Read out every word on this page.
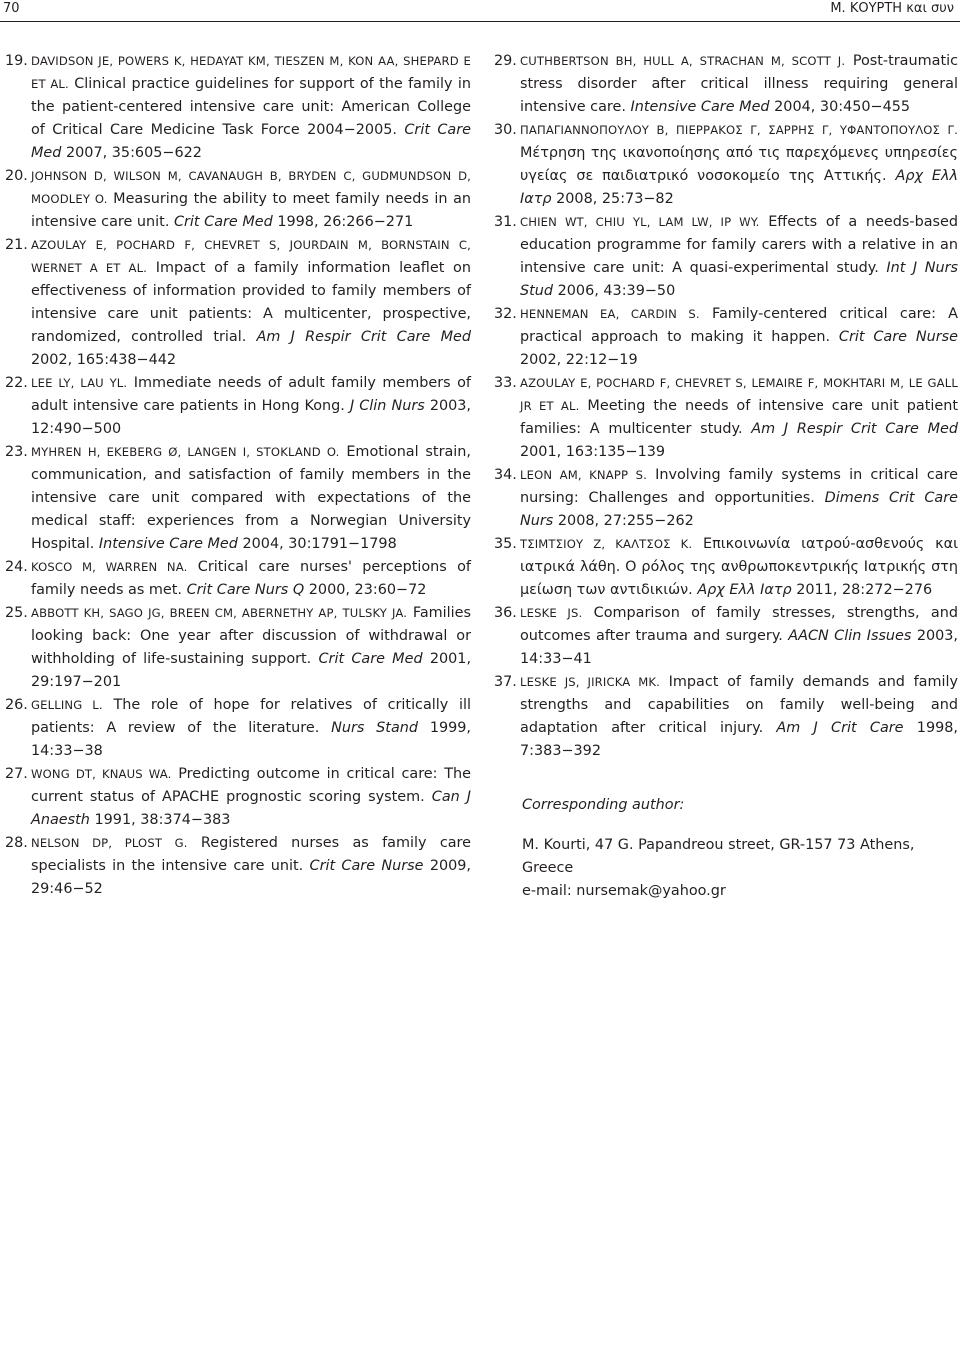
70	Μ. ΚΟΥΡΤΗ και συν
19. DAVIDSON JE, POWERS K, HEDAYAT KM, TIESZEN M, KON AA, SHEPARD E ET AL. Clinical practice guidelines for support of the family in the patient-centered intensive care unit: American College of Critical Care Medicine Task Force 2004−2005. Crit Care Med 2007, 35:605−622
20. JOHNSON D, WILSON M, CAVANAUGH B, BRYDEN C, GUDMUNDSON D, MOODLEY O. Measuring the ability to meet family needs in an intensive care unit. Crit Care Med 1998, 26:266−271
21. AZOULAY E, POCHARD F, CHEVRET S, JOURDAIN M, BORNSTAIN C, WERNET A ET AL. Impact of a family information leaflet on effectiveness of information provided to family members of intensive care unit patients: A multicenter, prospective, randomized, controlled trial. Am J Respir Crit Care Med 2002, 165:438−442
22. LEE LY, LAU YL. Immediate needs of adult family members of adult intensive care patients in Hong Kong. J Clin Nurs 2003, 12:490−500
23. MYHREN H, EKEBERG Ø, LANGEN I, STOKLAND O. Emotional strain, communication, and satisfaction of family members in the intensive care unit compared with expectations of the medical staff: experiences from a Norwegian University Hospital. Intensive Care Med 2004, 30:1791−1798
24. KOSCO M, WARREN NA. Critical care nurses' perceptions of family needs as met. Crit Care Nurs Q 2000, 23:60−72
25. ABBOTT KH, SAGO JG, BREEN CM, ABERNETHY AP, TULSKY JA. Families looking back: One year after discussion of withdrawal or withholding of life-sustaining support. Crit Care Med 2001, 29:197−201
26. GELLING L. The role of hope for relatives of critically ill patients: A review of the literature. Nurs Stand 1999, 14:33−38
27. WONG DT, KNAUS WA. Predicting outcome in critical care: The current status of APACHE prognostic scoring system. Can J Anaesth 1991, 38:374−383
28. NELSON DP, PLOST G. Registered nurses as family care specialists in the intensive care unit. Crit Care Nurse 2009, 29:46−52
29. CUTHBERTSON BH, HULL A, STRACHAN M, SCOTT J. Post-traumatic stress disorder after critical illness requiring general intensive care. Intensive Care Med 2004, 30:450−455
30. ΠΑΠΑΓΙΑΝΝΟΠΟΥΛΟΥ Β, ΠΙΕΡΡΑΚΟΣ Γ, ΣΑΡΡΗΣ Γ, ΥΦΑΝΤΟΠΟΥΛΟΣ Γ. Μέτρηση της ικανοποίησης από τις παρεχόμενες υπηρεσίες υγείας σε παιδιατρικό νοσοκομείο της Αττικής. Αρχ Ελλ Ιατρ 2008, 25:73−82
31. CHIEN WT, CHIU YL, LAM LW, IP WY. Effects of a needs-based education programme for family carers with a relative in an intensive care unit: A quasi-experimental study. Int J Nurs Stud 2006, 43:39−50
32. HENNEMAN EA, CARDIN S. Family-centered critical care: A practical approach to making it happen. Crit Care Nurse 2002, 22:12−19
33. AZOULAY E, POCHARD F, CHEVRET S, LEMAIRE F, MOKHTARI M, LE GALL JR ET AL. Meeting the needs of intensive care unit patient families: A multicenter study. Am J Respir Crit Care Med 2001, 163:135−139
34. LEON AM, KNAPP S. Involving family systems in critical care nursing: Challenges and opportunities. Dimens Crit Care Nurs 2008, 27:255−262
35. ΤΣΙΜΤΣΙΟΥ Ζ, ΚΑΛΤΣΟΣ Κ. Επικοινωνία ιατρού-ασθενούς και ιατρικά λάθη. Ο ρόλος της ανθρωποκεντρικής Ιατρικής στη μείωση των αντιδικιών. Αρχ Ελλ Ιατρ 2011, 28:272−276
36. LESKE JS. Comparison of family stresses, strengths, and outcomes after trauma and surgery. AACN Clin Issues 2003, 14:33−41
37. LESKE JS, JIRICKA MK. Impact of family demands and family strengths and capabilities on family well-being and adaptation after critical injury. Am J Crit Care 1998, 7:383−392
Corresponding author:
M. Kourti, 47 G. Papandreou street, GR-157 73 Athens, Greece
e-mail: nursemak@yahoo.gr
